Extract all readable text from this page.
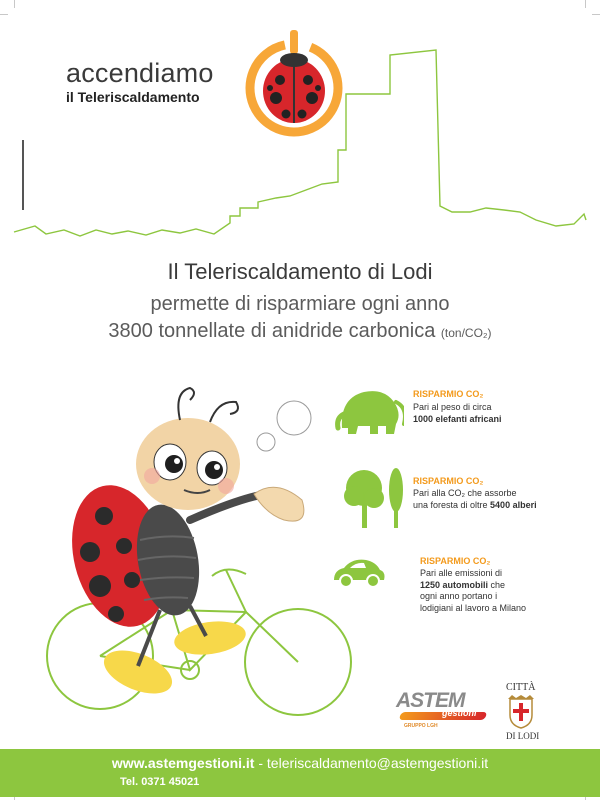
accendiamo
il Teleriscaldamento
Il Teleriscaldamento di Lodi
permette di risparmiare ogni anno
3800 tonnellate di anidride carbonica (ton/CO₂)
RISPARMIO CO₂
Pari al peso di circa
1000 elefanti africani
RISPARMIO CO₂
Pari alla CO₂ che assorbe
una foresta di oltre 5400 alberi
RISPARMIO CO₂
Pari alle emissioni di
1250 automobili che
ogni anno portano i
lodigiani al lavoro a Milano
ASTEM
gestioni
GRUPPO LGH
CITTÀ
DI LODI
www.astemgestioni.it - teleriscaldamento@astemgestioni.it
Tel. 0371 45021
